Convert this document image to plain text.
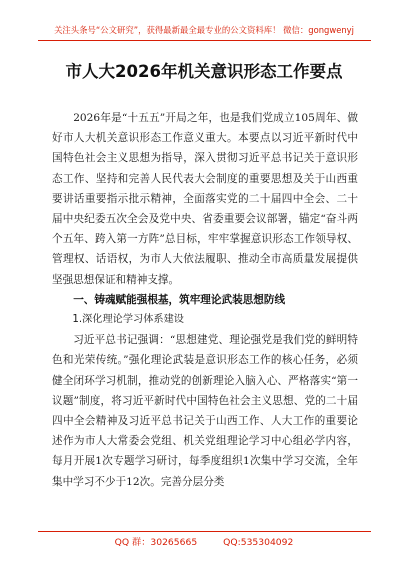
关注头条号“公文研究”，获得最新最全最专业的公文资料库！ 微信：gongwenyj
市人大2026年机关意识形态工作要点

2026年是“十五五”开局之年，也是我们党成立105周年、做好市人大机关意识形态工作意义重大。本要点以习近平新时代中国特色社会主义思想为指导，深入贯彻习近平总书记关于意识形态工作、坚持和完善人民代表大会制度的重要思想及关于山西重要讲话重要指示批示精神，全面落实党的二十届四中全会、二十届中央纪委五次全会及党中央、省委重要会议部署，锚定“奋斗两个五年、跨入第一方阵”总目标，牢牢掌握意识形态工作领导权、管理权、话语权，为市人大依法履职、推动全市高质量发展提供坚强思想保证和精神支撑。

一、铸魂赋能强根基，筑牢理论武装思想防线

1.深化理论学习体系建设

习近平总书记强调：“思想建党、理论强党是我们党的鲜明特色和光荣传统。”强化理论武装是意识形态工作的核心任务，必须健全闭环学习机制，推动党的创新理论入脑入心、严格落实“第一议题”制度，将习近平新时代中国特色社会主义思想、党的二十届四中全会精神及习近平总书记关于山西工作、人大工作的重要论述作为市人大常委会党组、机关党组理论学习中心组必学内容，每月开展1次专题学习研讨，每季度组织1次集中学习交流，全年集中学习不少于12次。完善分层分类

QQ 群：30265665	QQ:535304092
